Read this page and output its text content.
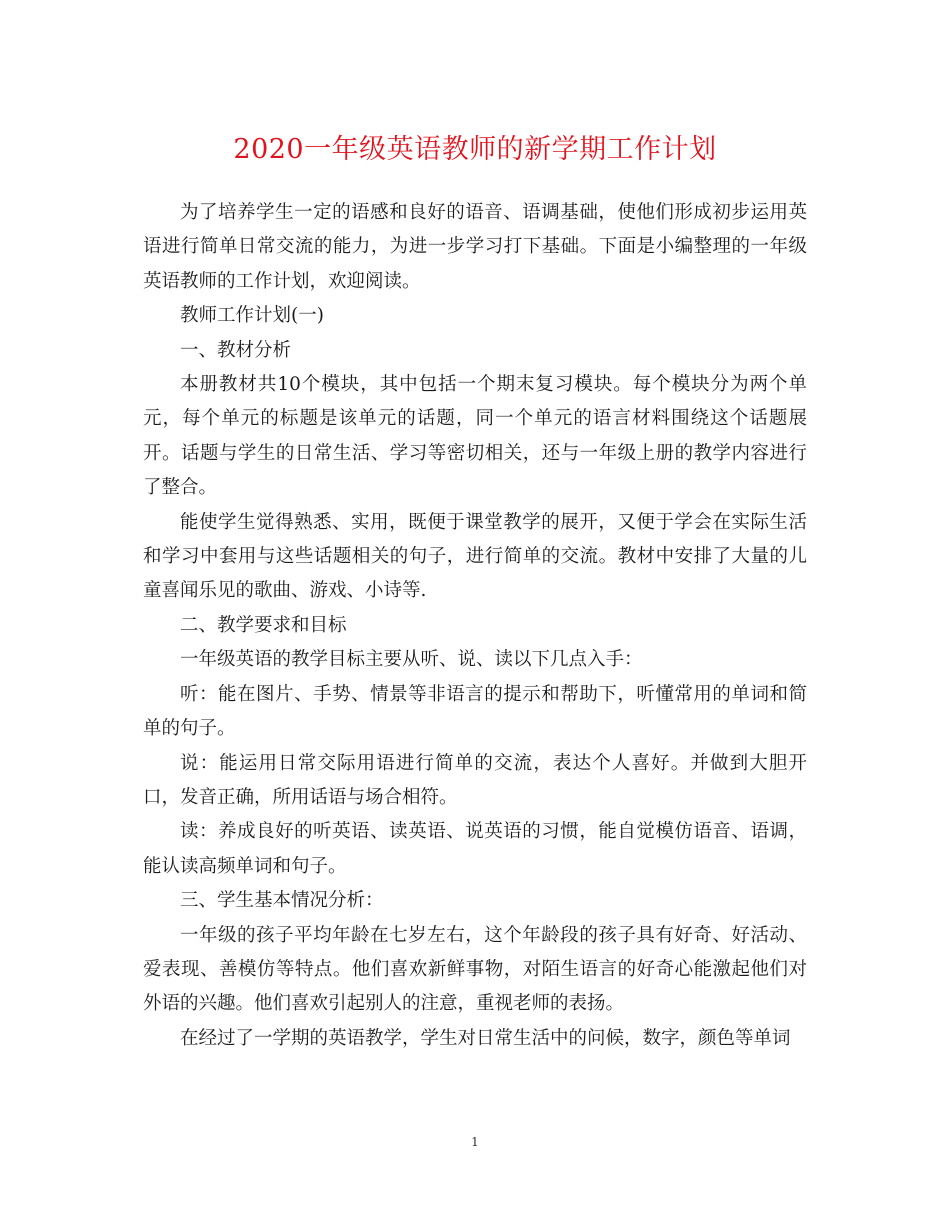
2020一年级英语教师的新学期工作计划

为了培养学生一定的语感和良好的语音、语调基础，使他们形成初步运用英语进行简单日常交流的能力，为进一步学习打下基础。下面是小编整理的一年级英语教师的工作计划，欢迎阅读。

教师工作计划(一)

一、教材分析

本册教材共10个模块，其中包括一个期末复习模块。每个模块分为两个单元，每个单元的标题是该单元的话题，同一个单元的语言材料围绕这个话题展开。话题与学生的日常生活、学习等密切相关，还与一年级上册的教学内容进行了整合。

能使学生觉得熟悉、实用，既便于课堂教学的展开，又便于学会在实际生活和学习中套用与这些话题相关的句子，进行简单的交流。教材中安排了大量的儿童喜闻乐见的歌曲、游戏、小诗等.

二、教学要求和目标

一年级英语的教学目标主要从听、说、读以下几点入手：

听：能在图片、手势、情景等非语言的提示和帮助下，听懂常用的单词和简单的句子。

说：能运用日常交际用语进行简单的交流，表达个人喜好。并做到大胆开口，发音正确，所用话语与场合相符。

读：养成良好的听英语、读英语、说英语的习惯，能自觉模仿语音、语调，能认读高频单词和句子。

三、学生基本情况分析：

一年级的孩子平均年龄在七岁左右，这个年龄段的孩子具有好奇、好活动、爱表现、善模仿等特点。他们喜欢新鲜事物，对陌生语言的好奇心能激起他们对外语的兴趣。他们喜欢引起别人的注意，重视老师的表扬。

在经过了一学期的英语教学，学生对日常生活中的问候，数字，颜色等单词

1
